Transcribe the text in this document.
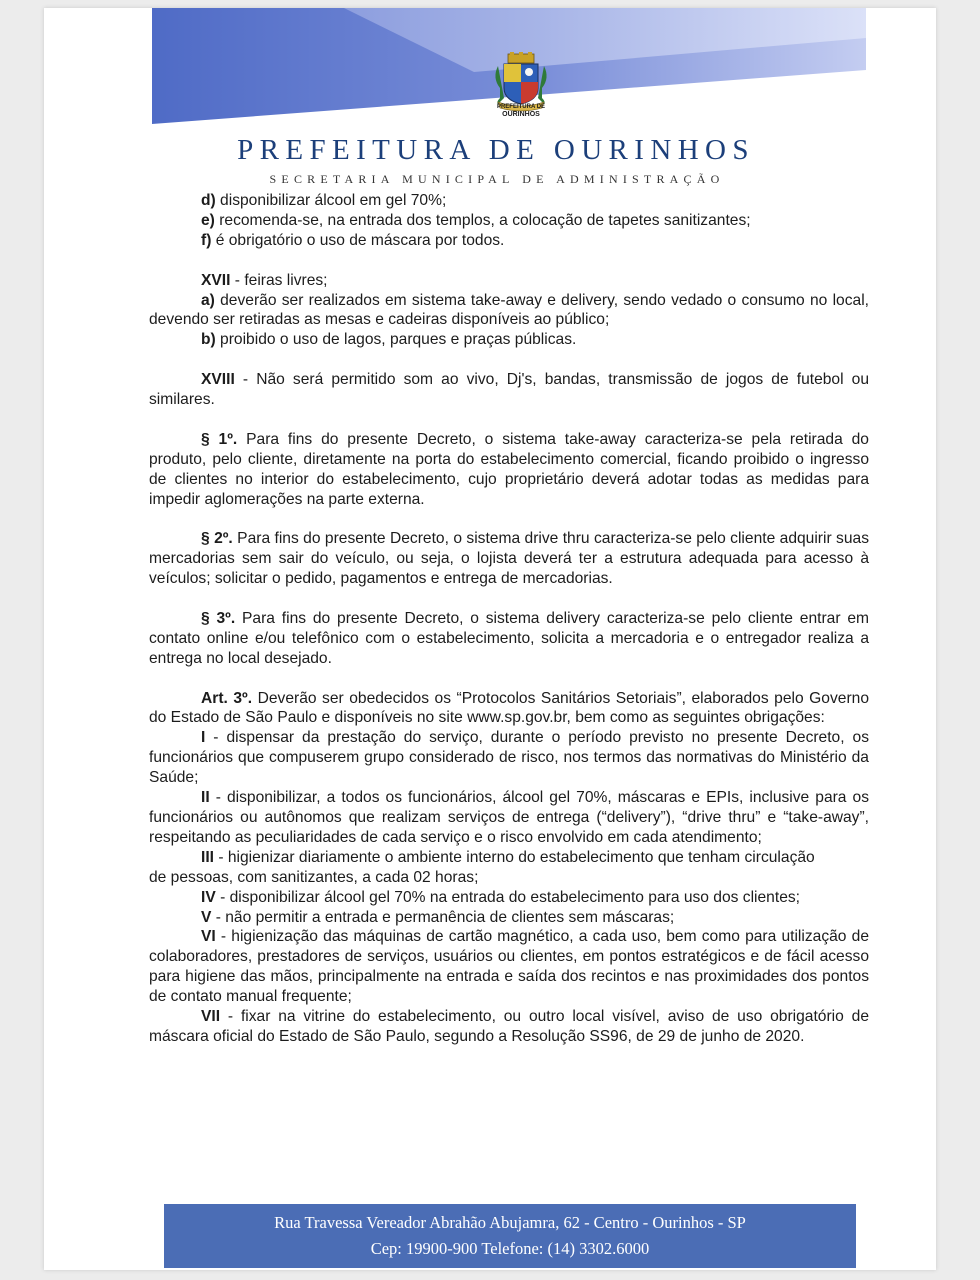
PREFEITURA DE
OURINHOS
PREFEITURA DE OURINHOS
SECRETARIA MUNICIPAL DE ADMINISTRAÇÃO

d) disponibilizar álcool em gel 70%;

e) recomenda-se, na entrada dos templos, a colocação de tapetes sanitizantes;

f) é obrigatório o uso de máscara por todos.

XVII - feiras livres;

a) deverão ser realizados em sistema take-away e delivery, sendo vedado o consumo no local, devendo ser retiradas as mesas e cadeiras disponíveis ao público;

b) proibido o uso de lagos, parques e praças públicas.

XVIII - Não será permitido som ao vivo, Dj's, bandas, transmissão de jogos de futebol ou similares.

§ 1º. Para fins do presente Decreto, o sistema take-away caracteriza-se pela retirada do produto, pelo cliente, diretamente na porta do estabelecimento comercial, ficando proibido o ingresso de clientes no interior do estabelecimento, cujo proprietário deverá adotar todas as medidas para impedir aglomerações na parte externa.

§ 2º. Para fins do presente Decreto, o sistema drive thru caracteriza-se pelo cliente adquirir suas mercadorias sem sair do veículo, ou seja, o lojista deverá ter a estrutura adequada para acesso à veículos; solicitar o pedido, pagamentos e entrega de mercadorias.

§ 3º. Para fins do presente Decreto, o sistema delivery caracteriza-se pelo cliente entrar em contato online e/ou telefônico com o estabelecimento, solicita a mercadoria e o entregador realiza a entrega no local desejado.

Art. 3º. Deverão ser obedecidos os “Protocolos Sanitários Setoriais”, elaborados pelo Governo do Estado de São Paulo e disponíveis no site www.sp.gov.br, bem como as seguintes obrigações:

I - dispensar da prestação do serviço, durante o período previsto no presente Decreto, os funcionários que compuserem grupo considerado de risco, nos termos das normativas do Ministério da Saúde;

II - disponibilizar, a todos os funcionários, álcool gel 70%, máscaras e EPIs, inclusive para os funcionários ou autônomos que realizam serviços de entrega (“delivery”), “drive thru” e “take-away”, respeitando as peculiaridades de cada serviço e o risco envolvido em cada atendimento;

III - higienizar diariamente o ambiente interno do estabelecimento que tenham circulação

de pessoas, com sanitizantes, a cada 02 horas;

IV - disponibilizar álcool gel 70% na entrada do estabelecimento para uso dos clientes;

V - não permitir a entrada e permanência de clientes sem máscaras;

VI - higienização das máquinas de cartão magnético, a cada uso, bem como para utilização de colaboradores, prestadores de serviços, usuários ou clientes, em pontos estratégicos e de fácil acesso para higiene das mãos, principalmente na entrada e saída dos recintos e nas proximidades dos pontos de contato manual frequente;

VII - fixar na vitrine do estabelecimento, ou outro local visível, aviso de uso obrigatório de máscara oficial do Estado de São Paulo, segundo a Resolução SS96, de 29 de junho de 2020.

Rua Travessa Vereador Abrahão Abujamra, 62 - Centro - Ourinhos - SP
Cep: 19900-900 Telefone: (14) 3302.6000
